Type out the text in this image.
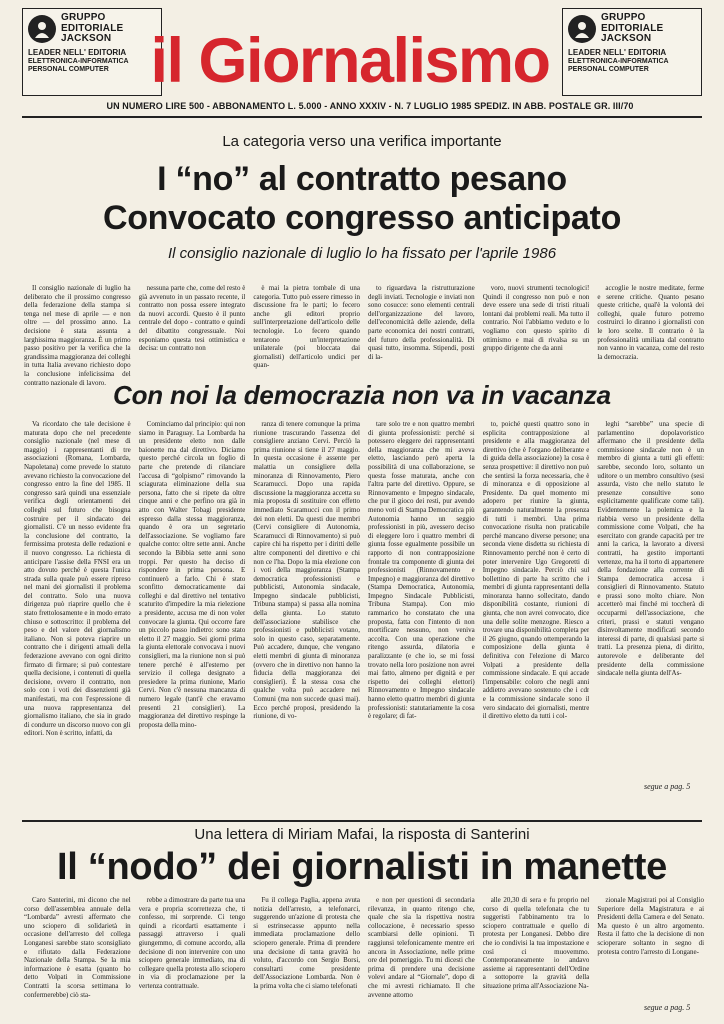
GRUPPO
EDITORIALE
JACKSON
LEADER NELL' EDITORIA
ELETTRONICA-INFORMATICA
PERSONAL COMPUTER il Giornalismo
GRUPPO
EDITORIALE
JACKSON
LEADER NELL' EDITORIA
ELETTRONICA-INFORMATICA
PERSONAL COMPUTER
UN NUMERO LIRE 500 - ABBONAMENTO L. 5.000 - ANNO XXXIV - N. 7 LUGLIO 1985 SPEDIZ. IN ABB. POSTALE GR. III/70
La categoria verso una verifica importante
I “no” al contratto pesano
Convocato congresso anticipato
Il consiglio nazionale di luglio lo ha fissato per l'aprile 1986

Il consiglio nazionale di luglio ha deliberato che il prossimo congresso della federazione della stampa si tenga nel mese di aprile — e non oltre — del prossimo anno. La decisione è stata assunta a larghissima maggioranza. È un primo passo positivo per la verifica che la grandissima maggioranza dei colleghi in tutta Italia avevano richiesto dopo la conclusione infelicissima del contratto nazionale di lavoro.

nessuna parte che, come del resto è già avvenuto in un passato recente, il contratto non possa essere integrato da nuovi accordi. Questo è il punto centrale del dopo - contratto e quindi del dibattito congressuale. Noi esponiamo questa tesi ottimistica e decisa: un contratto non

è mai la pietra tombale di una categoria. Tutto può essere rimesso in discussione fra le parti; lo fecero anche gli editori proprio sull'interpretazione dell'articolo delle tecnologie. Lo fecero quando tentarono un'interpretazione unilaterale (poi bloccata dai giornalisti) dell'articolo undici per quan-

to riguardava la ristrutturazione degli inviati. Tecnologie e inviati non sono cosucce: sono elementi centrali dell'organizzazione del lavoro, dell'economicità delle aziende, della parte economica dei nostri contratti, del futuro della professionalità. Di quasi tutto, insomma. Stipendi, posti di la-

voro, nuovi strumenti tecnologici! Quindi il congresso non può e non deve essere una sede di tristi rituali lontani dai problemi reali. Ma tutto il contrario. Noi l'abbiamo veduto e lo vogliamo con questo spirito di ottimismo e mai di rivalsa su un gruppo dirigente che da anni

accoglie le nostre meditate, ferme e serene critiche. Quanto pesano queste critiche, qual'è la volontà dei colleghi, quale futuro potremo costruirci lo diranno i giornalisti con le loro scelte. Il contrario è la professionalità umiliata dal contratto non vanno in vacanza, come del resto la democrazia.

Con noi la democrazia non va in vacanza

Va ricordato che tale decisione è maturata dopo che nel precedente consiglio nazionale (nel mese di maggio) i rappresentanti di tre associazioni (Romana, Lombarda, Napoletana) come prevede lo statuto avevano richiesto la convocazione del congresso entro la fine del 1985. Il congresso sarà quindi una essenziale verifica degli orientamenti dei colleghi sul futuro che bisogna costruire per il sindacato dei giornalisti. C'è un nesso evidente fra la conclusione del contratto, la fermissima protesta delle redazioni e il nuovo congresso. La richiesta di anticipare l'assise della FNSI era un atto dovuto perché è questa l'unica strada sulla quale può essere ripreso nel mani dei giornalisti il problema del contratto. Solo una nuova dirigenza può riaprire quello che è stato frettolosamente e in modo errato chiuso e sottoscritto: il problema del peso e del valore del giornalismo italiano. Non si poteva riaprire un contratto che i dirigenti attuali della federazione avevano con ogni diritto firmato di firmare; si può contestare quella decisione, i contenuti di quella decisione, ovvero il contratto, non solo con i voti dei dissenzienti già manifestati, ma con l'espressione di una nuova rappresentanza del giornalismo italiano, che sia in grado di condurre un discorso nuovo con gli editori. Non è scritto, infatti, da

Cominciamo dal principio: qui non siamo in Paraguay. La Lombarda ha un presidente eletto non dalle baionette ma dal direttivo. Diciamo questo perché circola un foglio di parte che pretende di rilanciare l'accusa di “golpismo” rimovando la sciagurata eliminazione della sua persona, fatto che si ripete da oltre cinque anni e che perfino ora già in atto con Walter Tobagi presidente espresso dalla stessa maggioranza, quando è ora un segretario dell'associazione. Se vogliamo fare qualche conto: oltre sette anni. Anche secondo la Bibbia sette anni sono troppi. Per questo ha deciso di rispondere in prima persona. E continuerò a farlo. Chi è stato sconfitto democraticamente dai colleghi e dal direttivo nel tentativo scaturito d'impedire la mia rielezione a presidente, accusa me di non voler convocare la giunta. Qui occorre fare un piccolo passo indietro: sono stato eletto il 27 maggio. Sei giorni prima la giunta elettorale convocava i nuovi consiglieri, ma la riunione non si può tenere perché è all'esterno per servizio il collega designato a presiedere la prima riunione, Mario Cervi. Non c'è nessuna mancanza di numero legale (tant'è che eravamo presenti 21 consiglieri). La maggioranza del direttivo respinge la proposta della mino-

ranza di tenere comunque la prima riunione trascurando l'assenza del consigliere anziano Cervi. Perciò la prima riunione si tiene il 27 maggio. In questa occasione è assente per malattia un consigliere della minoranza di Rinnovamento, Piero Scaramucci. Dopo una rapida discussione la maggioranza accetta su mia proposta di sostituire con effetto immediato Scaramucci con il primo dei non eletti. Da questi due membri (Cervi consigliere di Autonomia, Scaramucci di Rinnovamento) si può capire chi ha rispetto per i diritti delle altre componenti del direttivo e chi non ce l'ha. Dopo la mia elezione con i voti della maggioranza (Stampa democratica professionisti e pubblicisti, Autonomia sindacale, Impegno sindacale pubblicisti, Tribuna stampa) si passa alla nomina della giunta. Lo statuto dell'associazione stabilisce che professionisti e pubblicisti votano, solo in questo caso, separatamente. Può accadere, dunque, che vengano eletti membri di giunta di minoranza (ovvero che in direttivo non hanno la fiducia della maggioranza dei consiglieri). È la stessa cosa che qualche volta può accadere nei Comuni (ma non succede quasi mai). Ecco perché proposi, presidendo la riunione, di vo-

tare solo tre e non quattro membri di giunta professionisti: perché si potessero eleggere dei rappresentanti della maggioranza che mi aveva eletto, lasciando però aperta la possibilità di una collaborazione, se questa fosse maturata, anche con l'altra parte del direttivo. Oppure, se Rinnovamento e Impegno sindacale, che pur il gioco dei resti, pur avendo meno voti di Stampa Democratica più Autonomia hanno un seggio professionisti in più, avessero deciso di eleggere loro i quattro membri di giunta fosse egualmente possibile un rapporto di non contrapposizione frontale tra componente di giunta dei professionisti (Rinnovamento e Impegno) e maggioranza del direttivo (Stampa Democratica, Autonomia, Impegno Sindacale Pubblicisti, Tribuna Stampa). Con mio rammarico ho constatato che una proposta, fatta con l'intento di non mortificare nessuno, non veniva accolta. Con una operazione che ritengo assurda, dilatoria e paralizzante (e che io, se mi fossi trovato nella loro posizione non avrei mai fatto, almeno per dignità e per rispetto dei colleghi elettori) Rinnovamento e Impegno sindacale hanno eletto quattro membri di giunta professionisti: statutariamente la cosa è regolare; di fat-

to, poiché questi quattro sono in esplicita contrapposizione al presidente e alla maggioranza del direttivo (che è l'organo deliberante e di guida della associazione) la cosa è senza prospettive: il direttivo non può che sentirsi la forza necessaria, che è di minoranza e di opposizione al Presidente. Da quel momento mi adopero per riunire la giunta, garantendo naturalmente la presenza di tutti i membri. Una prima convocazione risulta non praticabile perché mancano diverse persone; una seconda viene disdetta su richiesta di Rinnovamento perché non è certo di poter intervenire Ugo Gregoretti di Impegno sindacale. Perciò chi sul bollettino di parte ha scritto che i membri di giunta rappresentanti della minoranza hanno sollecitato, dando disponibilità costante, riunioni di giunta, che non avrei convocato, dice una delle solite menzogne. Riesco a trovare una disponibilità completa per il 26 giugno, quando ottemperando la composizione della giunta è definitiva con l'elezione di Marco Volpati a presidente della commissione sindacale. E qui accade l'impensabile: coloro che negli anni addietro avevano sostenuto che i cdr e la commissione sindacale sono il vero sindacato dei giornalisti, mentre il direttivo eletto da tutti i col-

leghi “sarebbe” una specie di parlamentino dopolavoristico affermano che il presidente della commissione sindacale non è un membro di giunta a tutti gli effetti: sarebbe, secondo loro, soltanto un uditore o un membro consultivo (sesi assurda, visto che nello statuto le presenze consultive sono esplicitamente qualificate come tali). Evidentemente la polemica e la riabbia verso un presidente della commissione come Volpati, che ha esercitato con grande capacità per tre anni la carica, la lavorato a diversi contratti, ha gestito importanti vertenze, ma ha il torto di appartenere della fondazione alla corrente di Stampa democratica accesa i consiglieri di Rinnovamento. Statuto e prassi sono molto chiare. Non accetterò mai finché mi toccherà di occuparmi dell'associazione, che criteri, prassi e statuti vengano disinvoltamente modificati secondo interessi di parte, di qualsiasi parte si tratti. La presenza piena, di diritto, autorevole e deliberante del presidente della commissione sindacale nella giunta dell'As-

segue a pag. 5
Una lettera di Miriam Mafai, la risposta di Santerini
Il “nodo” dei giornalisti in manette

Caro Santerini, mi dicono che nel corso dell'assemblea annuale della “Lombarda” avresti affermato che uno sciopero di solidarietà in occasione dell'arresto del collega Longanesi sarebbe stato sconsigliato e rifiutato dalla Federazione Nazionale della Stampa. Se la mia informazione è esatta (quanto ho detto Volpati in Commissione Contratti la scorsa settimana lo confermerebbe) ciò sta-

rebbe a dimostrare da parte tua una vera e propria scorrettezza che, ti confesso, mi sorprende. Ci tengo quindi a ricordarti esattamente i passaggi attraverso i quali giungemmo, di comune accordo, alla decisione di non intervenire con uno sciopero generale immediato, ma di collegare quella protesta allo sciopero in via di proclamazione per la vertenza contrattuale.

Fu il collega Paglia, appena avuta notizia dell'arresto, a telefonarci, suggerendo un'azione di protesta che si estrinsecasse appunto nella immediata proclamazione dello sciopero generale. Prima di prendere una decisione di tanta gravità ho voluto, d'accordo con Sergio Borsi, consultarti come presidente dell'Associazione Lombarda. Non è la prima volta che ci siamo telefonati

e non per questioni di secondaria rilevanza, in quanto ritengo che, quale che sia la rispettiva nostra collocazione, è necessario spesso scambiarsi delle opinioni. Ti raggiunsi telefonicamente mentre eri ancora in Associazione, nelle prime ore del pomeriggio. Tu mi dicesti che prima di prendere una decisione volevi andare al “Giornale”, dopo di che mi avresti richiamato. Il che avvenne attorno

alle 20,30 di sera e fu proprio nel corso di quella telefonata che tu suggeristi l'abbinamento tra lo sciopero contrattuale e quello di protesta per Longanesi. Debbo dire che io condivisi la tua impostazione e così ci muovemmo. Contemporaneamente io andavo assieme ai rappresentanti dell'Ordine a sottoporre la gravità della situazione prima all'Associazione Na-

zionale Magistrati poi al Consiglio Superiore della Magistratura e ai Presidenti della Camera e del Senato. Ma questo è un altro argomento. Resta il fatto che la decisione di non scioperare soltanto in segno di protesta contro l'arresto di Longane-

segue a pag. 5
